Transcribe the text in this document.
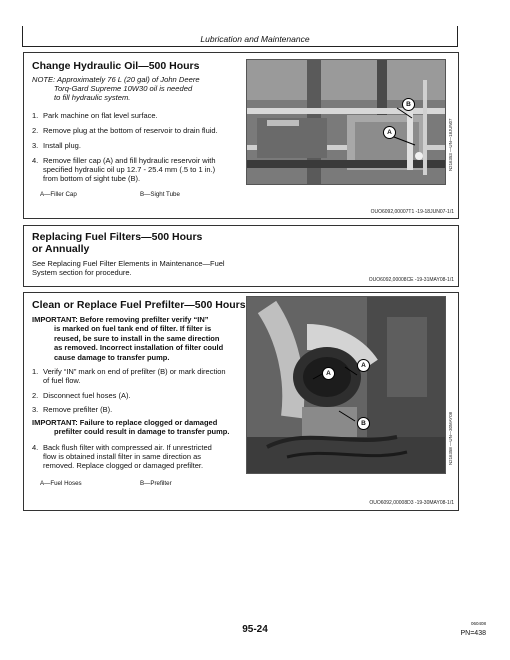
Lubrication and Maintenance
Change Hydraulic Oil—500 Hours
NOTE: Approximately 76 L (20 gal) of John Deere
Torq-Gard Supreme 10W30 oil is needed
to fill hydraulic system.
1. Park machine on flat level surface.
2. Remove plug at the bottom of reservoir to drain fluid.
3. Install plug.
4. Remove filler cap (A) and fill hydraulic reservoir with
specified hydraulic oil up 12.7 - 25.4 mm (.5 to 1 in.)
from bottom of sight tube (B).
A—Filler Cap	B—Sight Tube
B
A	N216353 —UN—18JUN07
OUO6092,00007T1 -19-18JUN07-1/1
Replacing Fuel Filters—500 Hours
or Annually
See Replacing Fuel Filter Elements in Maintenance—Fuel
System section for procedure.
OUO6092,00008CE -19-31MAY08-1/1
Clean or Replace Fuel Prefilter—500 Hours
IMPORTANT: Before removing prefilter verify “IN”
is marked on fuel tank end of filter. If filter is
reused, be sure to install in the same direction
as removed. Incorrect installation of filter could
cause damage to transfer pump.
1. Verify “IN” mark on end of prefilter (B) or mark direction
of fuel flow.
2. Disconnect fuel hoses (A).
3. Remove prefilter (B).
IMPORTANT: Failure to replace clogged or damaged
prefilter could result in damage to transfer pump.
4. Back flush filter with compressed air. If unrestricted
flow is obtained install filter in same direction as
removed. Replace clogged or damaged prefilter.
A—Fuel Hoses	B—Prefilter
A
A
B	N216358 —UN—30MAY08
OUO6092,00008D3 -19-30MAY08-1/1
95-24
060408
PN=438
